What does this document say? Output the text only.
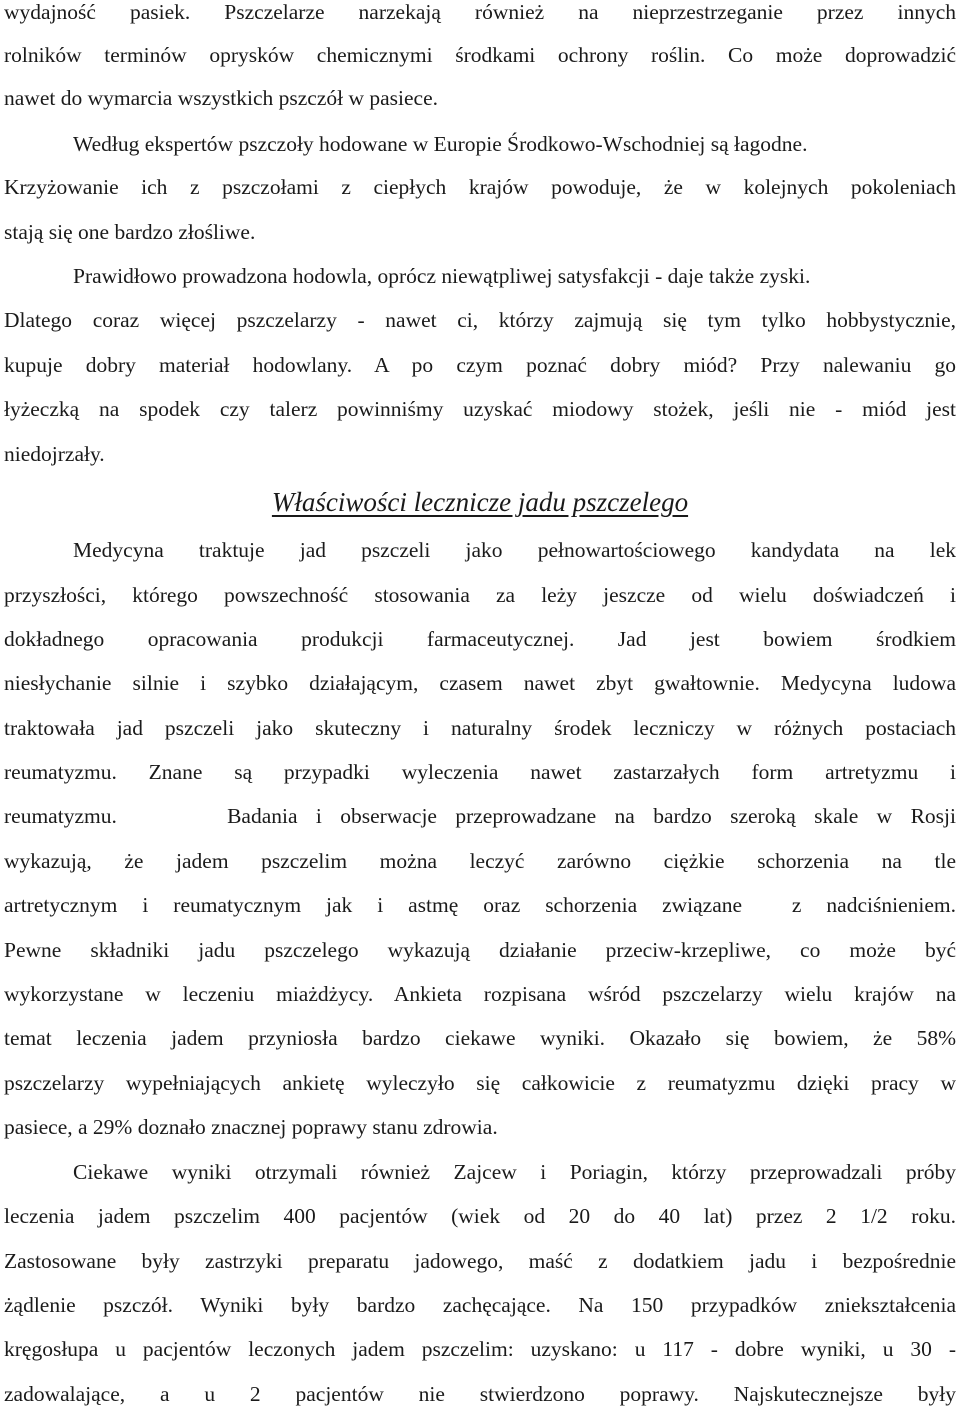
wydajność pasiek. Pszczelarze narzekają również na nieprzestrzeganie przez innych
rolników terminów oprysków chemicznymi środkami ochrony roślin. Co może doprowadzić
nawet do wymarcia wszystkich pszczół w pasiece.
Według ekspertów pszczoły hodowane w Europie Środkowo-Wschodniej są łagodne.
Krzyżowanie ich z pszczołami z ciepłych krajów powoduje, że w kolejnych pokoleniach
stają się one bardzo złośliwe.
Prawidłowo prowadzona hodowla, oprócz niewątpliwej satysfakcji - daje także zyski.
Dlatego coraz więcej pszczelarzy - nawet ci, którzy zajmują się tym tylko hobbystycznie,
kupuje dobry materiał hodowlany. A po czym poznać dobry miód? Przy nalewaniu go
łyżeczką na spodek czy talerz powinniśmy uzyskać miodowy stożek, jeśli nie - miód jest
niedojrzały.
Właściwości lecznicze jadu pszczelego
Medycyna traktuje jad pszczeli jako pełnowartościowego kandydata na lek
przyszłości, którego powszechność stosowania za leży jeszcze od wielu doświadczeń i
dokładnego opracowania produkcji farmaceutycznej. Jad jest bowiem środkiem
niesłychanie silnie i szybko działającym, czasem nawet zbyt gwałtownie. Medycyna ludowa
traktowała jad pszczeli jako skuteczny i naturalny środek leczniczy w różnych postaciach
reumatyzmu. Znane są przypadki wyleczenia nawet zastarzałych form artretyzmu i
reumatyzmu.      Badania i obserwacje przeprowadzane na bardzo szeroką skale w Rosji
wykazują, że jadem pszczelim można leczyć zarówno ciężkie schorzenia na tle
artretycznym i reumatycznym jak i astmę oraz schorzenia związane  z nadciśnieniem.
Pewne składniki jadu pszczelego wykazują działanie przeciw-krzepliwe, co może być
wykorzystane w leczeniu miażdżycy. Ankieta rozpisana wśród pszczelarzy wielu krajów na
temat leczenia jadem przyniosła bardzo ciekawe wyniki. Okazało się bowiem, że 58%
pszczelarzy wypełniających ankietę wyleczyło się całkowicie z reumatyzmu dzięki pracy w
pasiece, a 29% doznało znacznej poprawy stanu zdrowia.
Ciekawe wyniki otrzymali również Zajcew i Poriagin, którzy przeprowadzali próby
leczenia jadem pszczelim 400 pacjentów (wiek od 20 do 40 lat) przez 2 1/2 roku.
Zastosowane były zastrzyki preparatu jadowego, maść z dodatkiem jadu i bezpośrednie
żądlenie pszczół. Wyniki były bardzo zachęcające. Na 150 przypadków zniekształcenia
kręgosłupa u pacjentów leczonych jadem pszczelim: uzyskano: u 117 - dobre wyniki, u 30 -
zadowalające, a u 2 pacjentów nie stwierdzono poprawy. Najskutecznejsze były
